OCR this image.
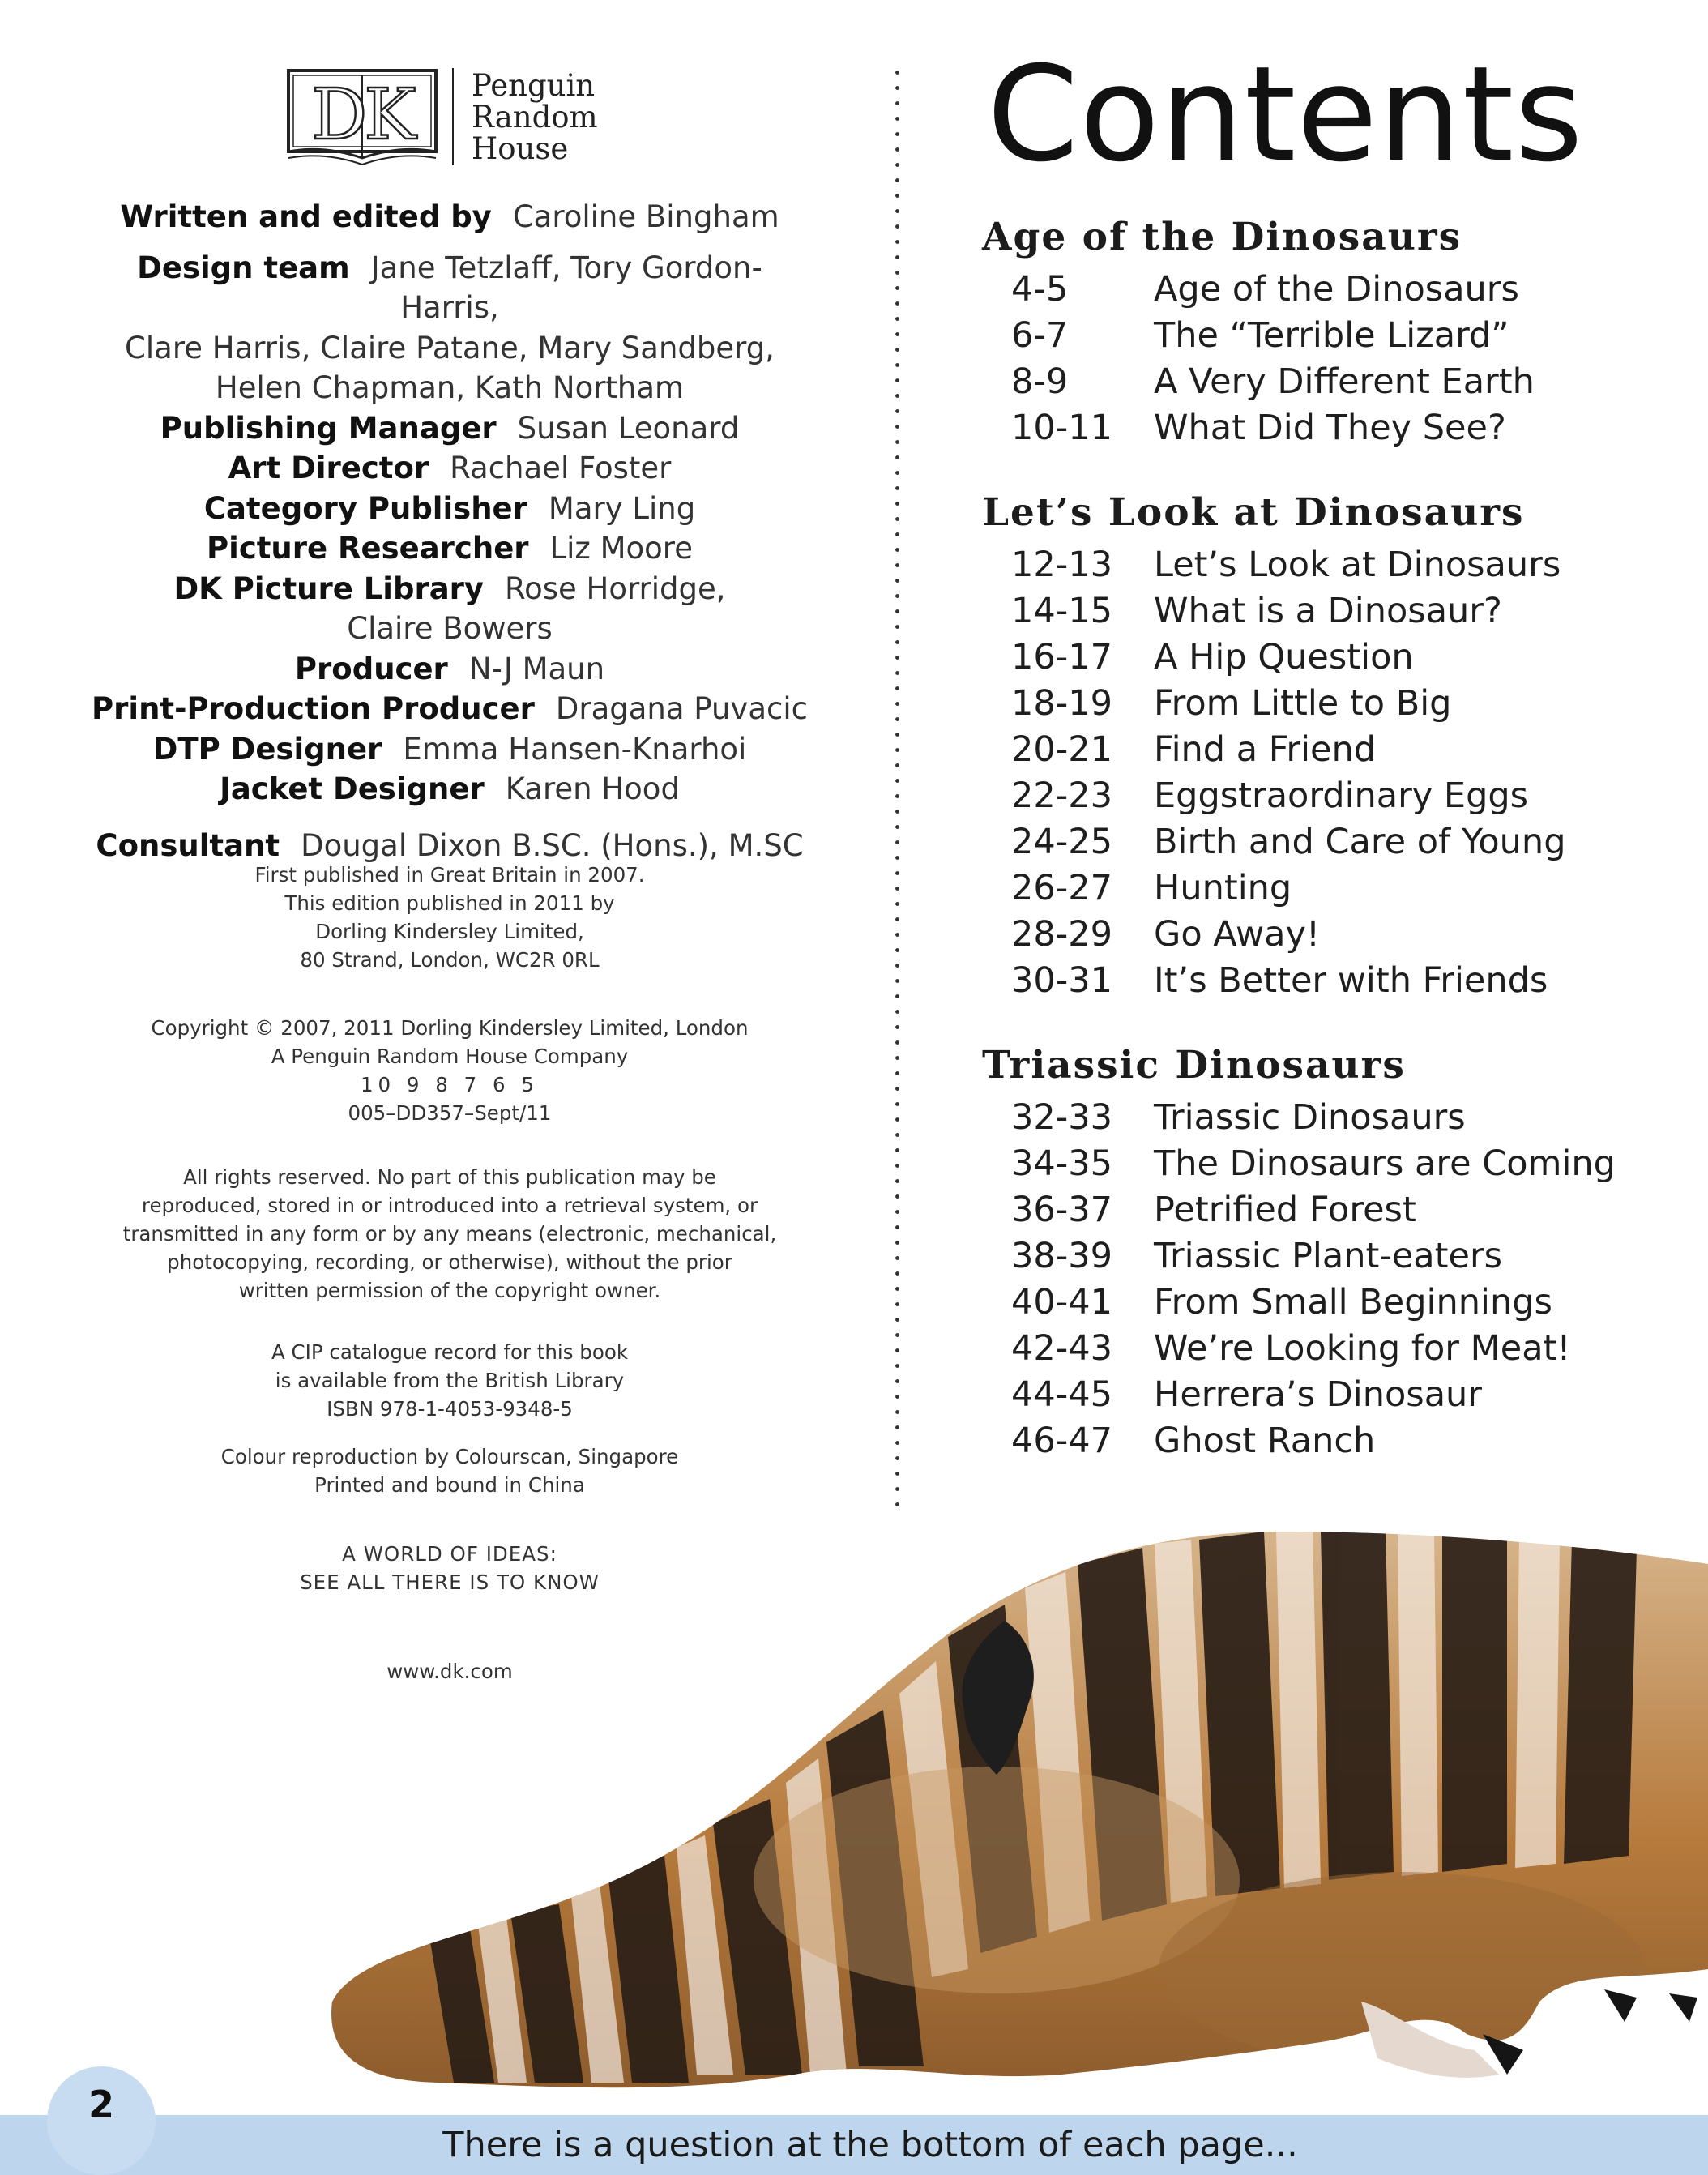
DK Penguin
Random
House
Written and edited by Caroline Bingham
Design team Jane Tetzlaff, Tory Gordon-Harris,
Clare Harris, Claire Patane, Mary Sandberg,
Helen Chapman, Kath Northam
Publishing Manager Susan Leonard
Art Director Rachael Foster
Category Publisher Mary Ling
Picture Researcher Liz Moore
DK Picture Library Rose Horridge,
Claire Bowers
Producer N-J Maun
Print-Production Producer Dragana Puvacic
DTP Designer Emma Hansen-Knarhoi
Jacket Designer Karen Hood
Consultant Dougal Dixon B.SC. (Hons.), M.SC
First published in Great Britain in 2007.
This edition published in 2011 by
Dorling Kindersley Limited,
80 Strand, London, WC2R 0RL
Copyright © 2007, 2011 Dorling Kindersley Limited, London
A Penguin Random House Company
10 9 8 7 6 5
005–DD357–Sept/11
All rights reserved. No part of this publication may be
reproduced, stored in or introduced into a retrieval system, or
transmitted in any form or by any means (electronic, mechanical,
photocopying, recording, or otherwise), without the prior
written permission of the copyright owner.
A CIP catalogue record for this book
is available from the British Library
ISBN 978-1-4053-9348-5
Colour reproduction by Colourscan, Singapore
Printed and bound in China
A WORLD OF IDEAS:
SEE ALL THERE IS TO KNOW
www.dk.com
Contents
Age of the Dinosaurs
4-5	Age of the Dinosaurs
6-7	The “Terrible Lizard”
8-9	A Very Different Earth
10-11	What Did They See?
Let’s Look at Dinosaurs
12-13	Let’s Look at Dinosaurs
14-15	What is a Dinosaur?
16-17	A Hip Question
18-19	From Little to Big
20-21	Find a Friend
22-23	Eggstraordinary Eggs
24-25	Birth and Care of Young
26-27	Hunting
28-29	Go Away!
30-31	It’s Better with Friends
Triassic Dinosaurs
32-33	Triassic Dinosaurs
34-35	The Dinosaurs are Coming
36-37	Petrified Forest
38-39	Triassic Plant-eaters
40-41	From Small Beginnings
42-43	We’re Looking for Meat!
44-45	Herrera’s Dinosaur
46-47	Ghost Ranch
2
There is a question at the bottom of each page...
